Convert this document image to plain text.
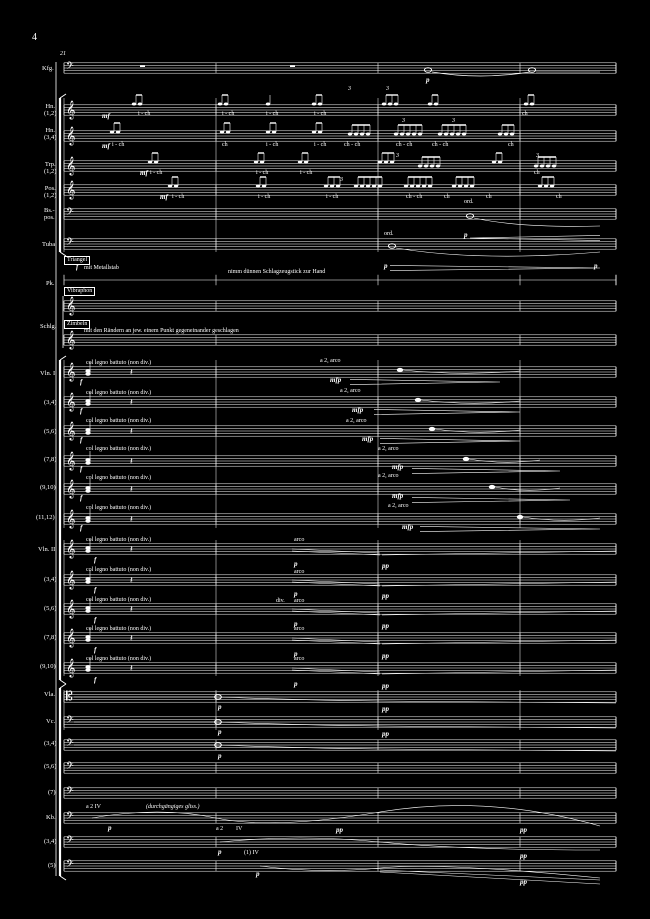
𝄢
𝄞
𝄞
𝄞
𝄞
𝄢
𝄢
𝄞
𝄞
𝄞
𝄞
𝄞
𝄞
𝄞
𝄞
𝄞
𝄞
𝄞
𝄞
𝄞
𝄡
𝄢
𝄢
𝄢
𝄢
𝄢
𝄢
𝄢
𝄽
𝄽
𝄽
𝄽
𝄽
𝄽
𝄽
𝄽
𝄽
𝄽
𝄽
4
21
Kfg.
Hn.
(1,2)
Hn.
(3,4)
Trp.
(1,2)
Pos.
(1,2)
Bs.-
pos.
Tuba
Pk.
Schlg.
Vln. I
(3,4)
(5,6)
(7,8)
(9,10)
(11,12)
Vln. II
(3,4)
(5,6)
(7,8)
(9,10)
Vla.
Vc.
(3,4)
(5,6)
(7)
Kb.
(3,4)
(5)
Triangel
mit Metallstab
nimm dünnen Schlagzeugstick zur Hand
Vibraphon
Zimbeln
mit den Rändern an jew. einem Punkt gegeneinander geschlagen
col legno battuto (non div.)
col legno battuto (non div.)
col legno battuto (non div.)
col legno battuto (non div.)
col legno battuto (non div.)
col legno battuto (non div.)
col legno battuto (non div.)
col legno battuto (non div.)
col legno battuto (non div.)
col legno battuto (non div.)
col legno battuto (non div.)
a 2, arco
a 2, arco
a 2, arco
a 2, arco
a 2, arco
a 2, arco
arco
arco
div. arco
arco
arco
ord.
ord.
a 2 IV	(durchgängiges gliss.)
a 2 IV
(1) IV
i - ch	i - ch	i - ch	i - ch	ch
i - ch	ch	i - ch	i - ch	ch - ch	ch - ch	ch - ch	ch
i - ch	i - ch	i - ch	ch
i - ch	i - ch	i - ch	ch - ch	ch	ch	ch
3	3
3	3
3	3
3
p
mf
mf
mf
mf
p
p	p
f
f
f
f
f
f
f
mfp
mfp
mfp
mfp
mfp
mfp
f
f
f
f
f
p
p
p
p
p
pp
pp
pp
pp
pp
p	pp
p	pp
p
p	pp	pp
p	pp
p
pp
